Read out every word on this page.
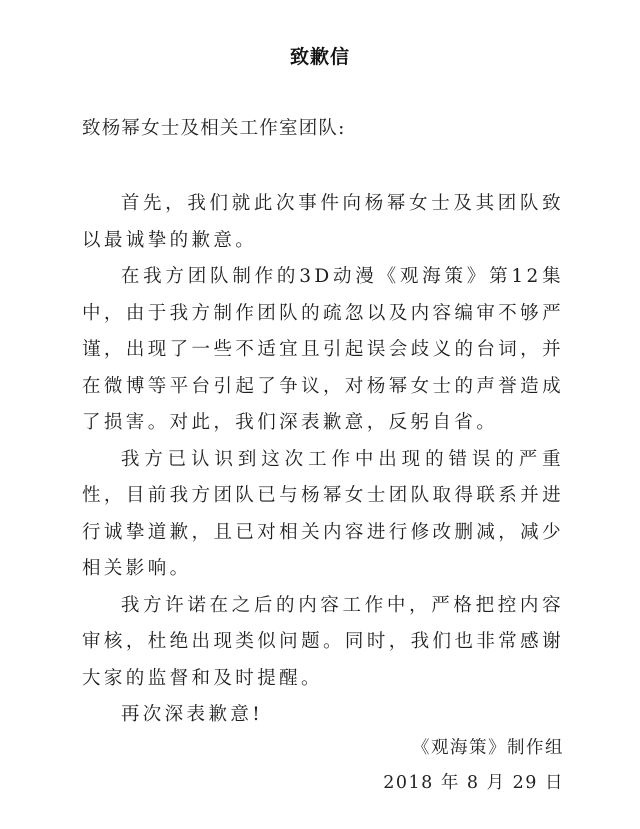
致歉信
致杨幂女士及相关工作室团队:

首先，我们就此次事件向杨幂女士及其团队致以最诚挚的歉意。

在我方团队制作的3D动漫《观海策》第12集中，由于我方制作团队的疏忽以及内容编审不够严谨，出现了一些不适宜且引起误会歧义的台词，并在微博等平台引起了争议，对杨幂女士的声誉造成了损害。对此，我们深表歉意，反躬自省。

我方已认识到这次工作中出现的错误的严重性，目前我方团队已与杨幂女士团队取得联系并进行诚挚道歉，且已对相关内容进行修改删减，减少相关影响。

我方许诺在之后的内容工作中，严格把控内容审核，杜绝出现类似问题。同时，我们也非常感谢大家的监督和及时提醒。

再次深表歉意!

《观海策》制作组
2018 年 8 月 29 日
